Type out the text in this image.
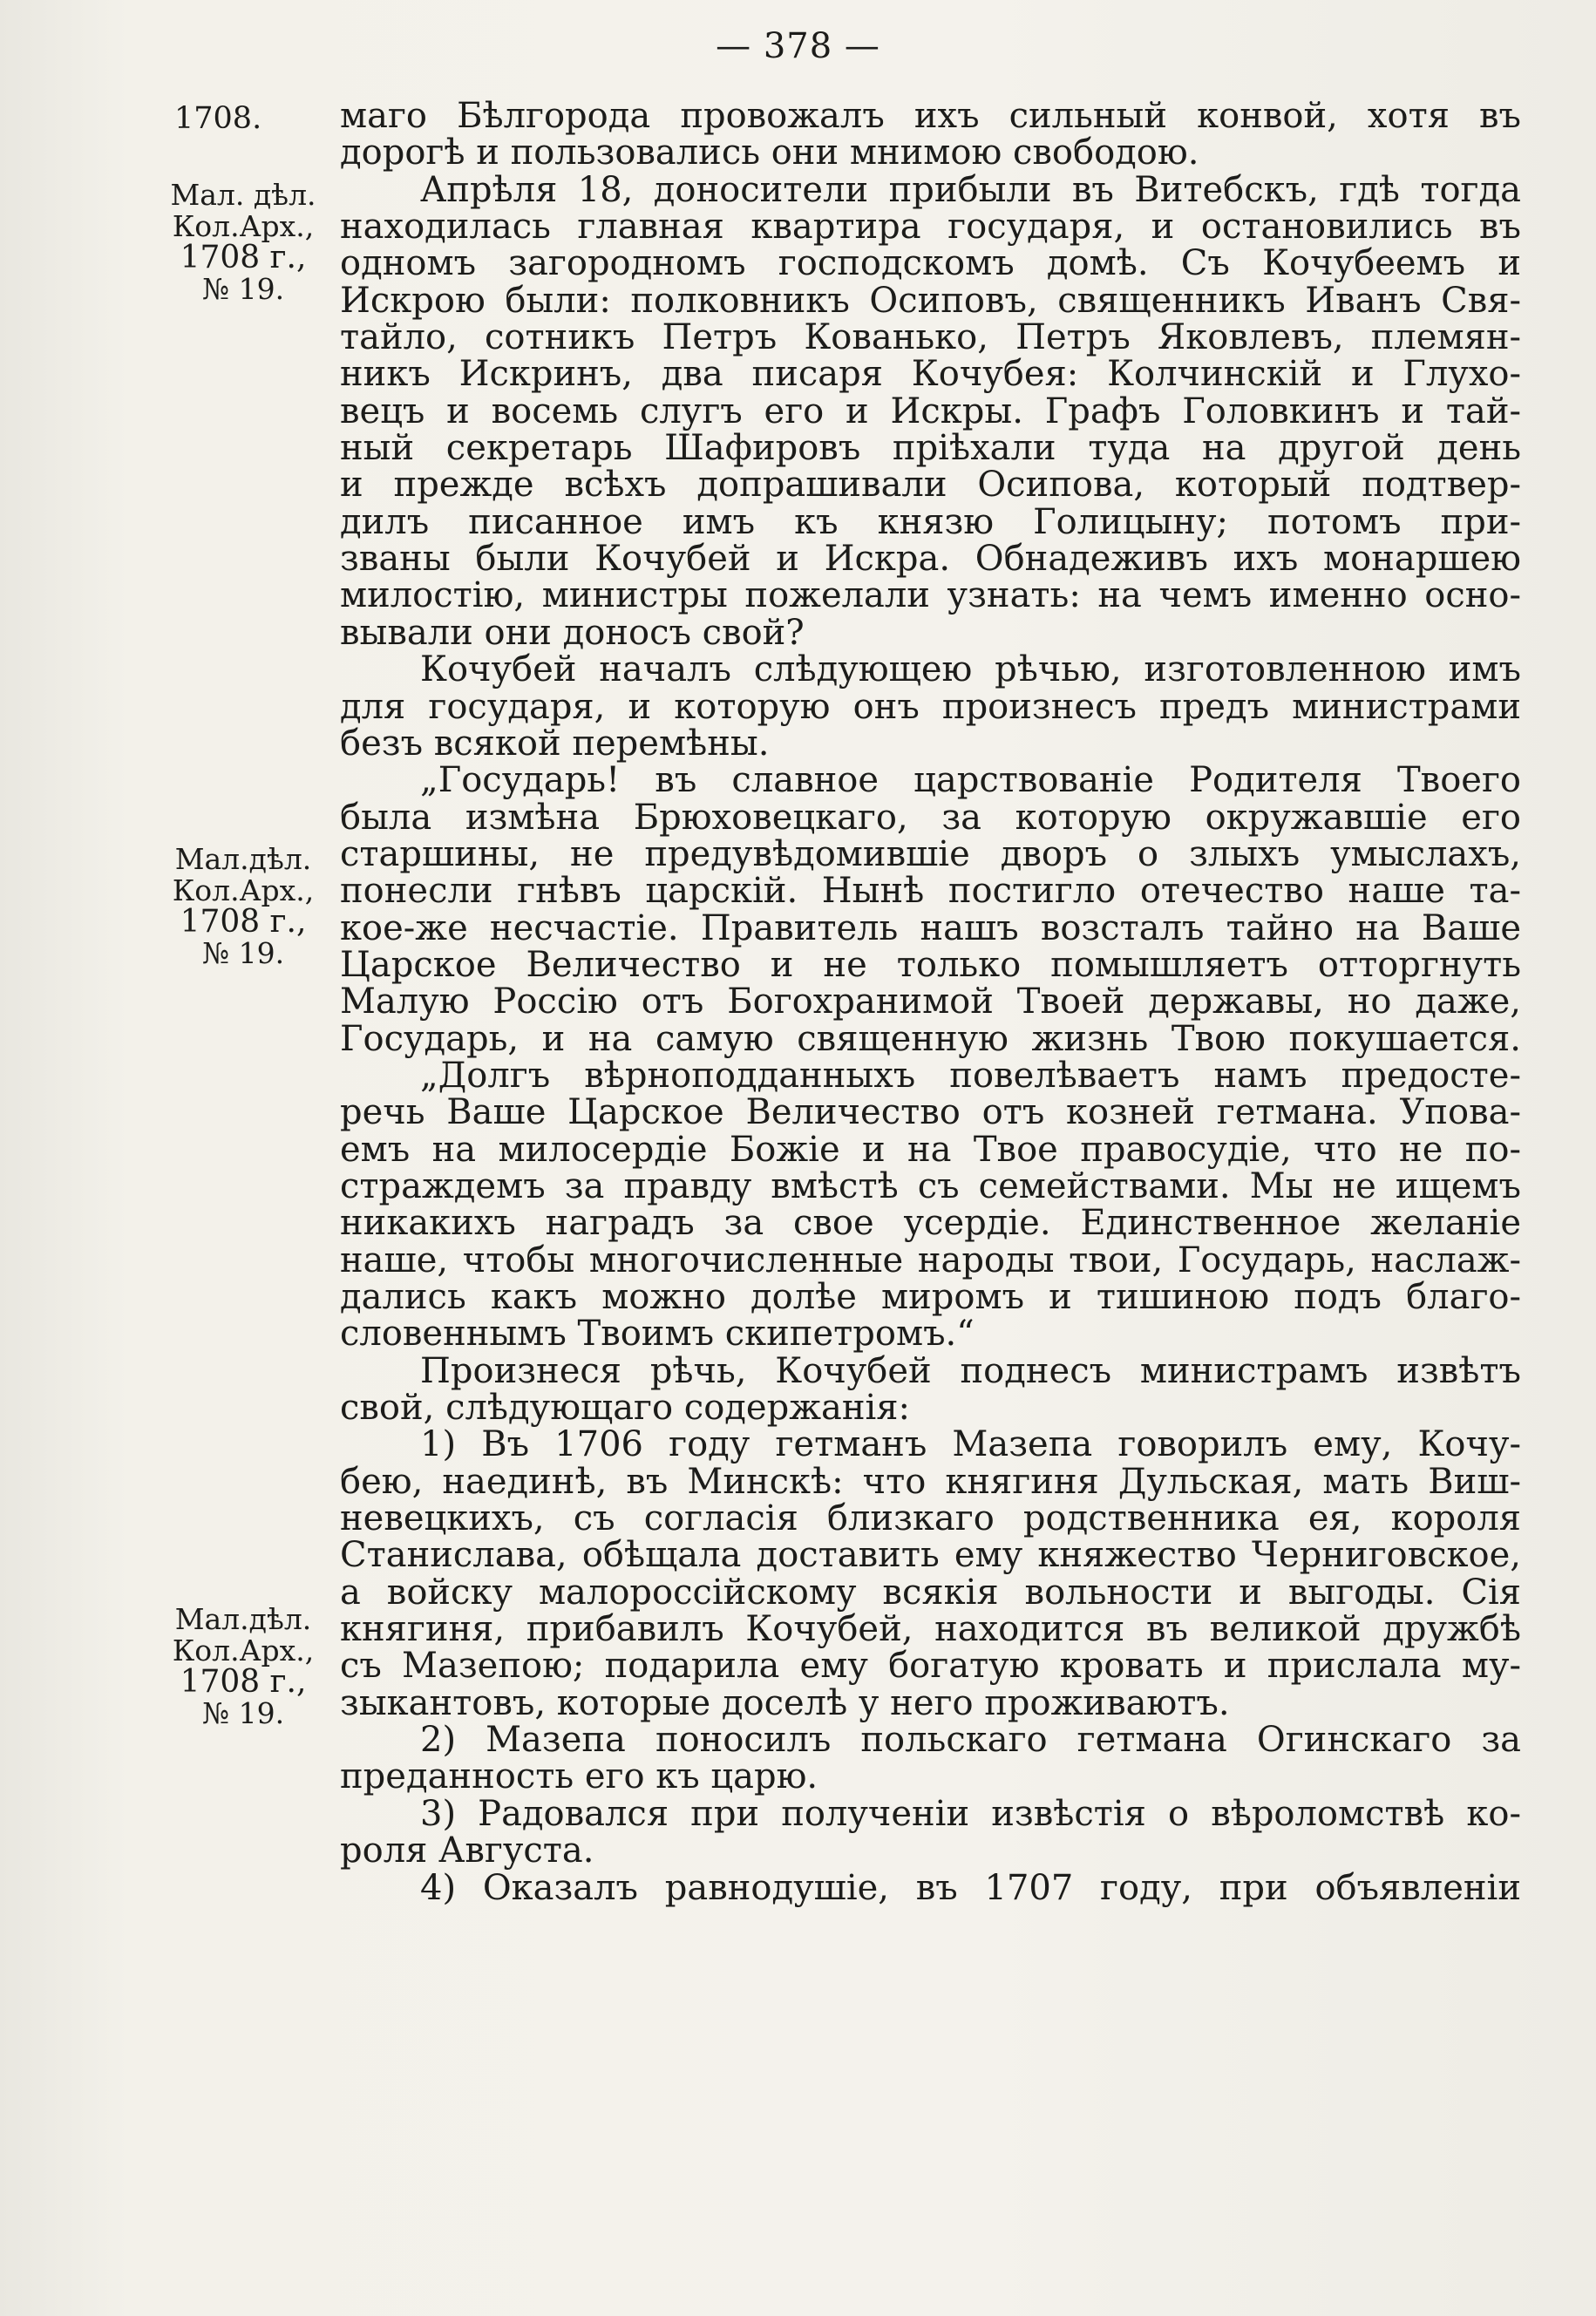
— 378 —
1708.
Мал. дѣл.
Кол.Арх.,
1708 г.,
№ 19.
Мал.дѣл.
Кол.Арх.,
1708 г.,
№ 19.
Мал.дѣл.
Кол.Арх.,
1708 г.,
№ 19.
маго Бѣлгорода провожалъ ихъ сильный конвой, хотя въ
дорогѣ и пользовались они мнимою свободою.
Апрѣля 18, доносители прибыли въ Витебскъ, гдѣ тогда
находилась главная квартира государя, и остановились въ
одномъ загородномъ господскомъ домѣ. Съ Кочубеемъ и
Искрою были: полковникъ Осиповъ, священникъ Иванъ Свя-
тайло, сотникъ Петръ Кованько, Петръ Яковлевъ, племян-
никъ Искринъ, два писаря Кочубея: Колчинскій и Глухо-
вецъ и восемь слугъ его и Искры. Графъ Головкинъ и тай-
ный секретарь Шафировъ пріѣхали туда на другой день
и прежде всѣхъ допрашивали Осипова, который подтвер-
дилъ писанное имъ къ князю Голицыну; потомъ при-
званы были Кочубей и Искра. Обнадеживъ ихъ монаршею
милостію, министры пожелали узнать: на чемъ именно осно-
вывали они доносъ свой?
Кочубей началъ слѣдующею рѣчью, изготовленною имъ
для государя, и которую онъ произнесъ предъ министрами
безъ всякой перемѣны.
„Государь! въ славное царствованіе Родителя Твоего
была измѣна Брюховецкаго, за которую окружавшіе его
старшины, не предувѣдомившіе дворъ о злыхъ умыслахъ,
понесли гнѣвъ царскій. Нынѣ постигло отечество наше та-
кое-же несчастіе. Правитель нашъ возсталъ тайно на Ваше
Царское Величество и не только помышляетъ отторгнуть
Малую Россію отъ Богохранимой Твоей державы, но даже,
Государь, и на самую священную жизнь Твою покушается.
„Долгъ вѣрноподданныхъ повелѣваетъ намъ предосте-
речь Ваше Царское Величество отъ козней гетмана. Упова-
емъ на милосердіе Божіе и на Твое правосудіе, что не по-
страждемъ за правду вмѣстѣ съ семействами. Мы не ищемъ
никакихъ наградъ за свое усердіе. Единственное желаніе
наше, чтобы многочисленные народы твои, Государь, наслаж-
дались какъ можно долѣе миромъ и тишиною подъ благо-
словеннымъ Твоимъ скипетромъ.“
Произнеся рѣчь, Кочубей поднесъ министрамъ извѣтъ
свой, слѣдующаго содержанія:
1) Въ 1706 году гетманъ Мазепа говорилъ ему, Кочу-
бею, наединѣ, въ Минскѣ: что княгиня Дульская, мать Виш-
невецкихъ, съ согласія близкаго родственника ея, короля
Станислава, обѣщала доставить ему княжество Черниговское,
а войску малороссійскому всякія вольности и выгоды. Сія
княгиня, прибавилъ Кочубей, находится въ великой дружбѣ
съ Мазепою; подарила ему богатую кровать и прислала му-
зыкантовъ, которые доселѣ у него проживаютъ.
2) Мазепа поносилъ польскаго гетмана Огинскаго за
преданность его къ царю.
3) Радовался при полученіи извѣстія о вѣроломствѣ ко-
роля Августа.
4) Оказалъ равнодушіе, въ 1707 году, при объявленіи
